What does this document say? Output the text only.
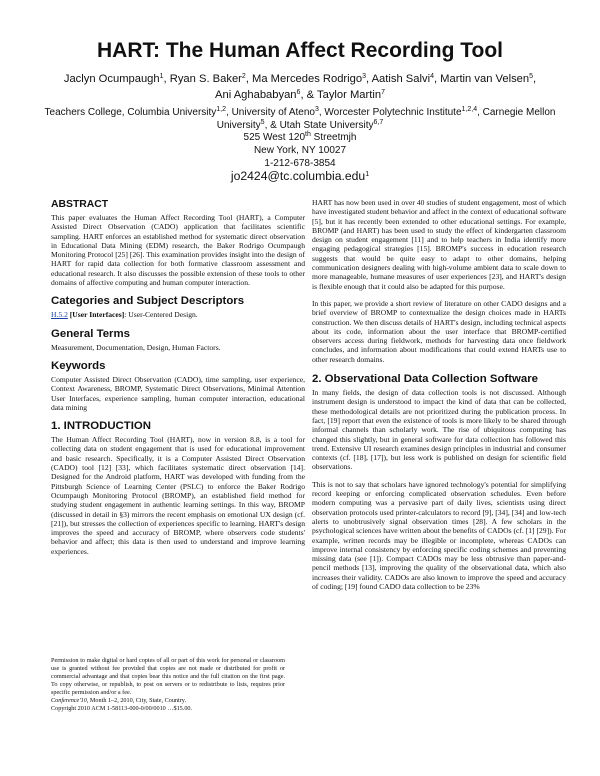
HART: The Human Affect Recording Tool
Jaclyn Ocumpaugh$^1$, Ryan S. Baker$^2$, Ma Mercedes Rodrigo$^3$, Aatish Salvi$^4$, Martin van Velsen$^5$,
Ani Aghababyan$^6$, & Taylor Martin$^7$
Teachers College, Columbia University$^{1,2}$, University of Ateno$^3$, Worcester Polytechnic Institute$^{1,2,4}$, Carnegie Mellon
University$^5$, & Utah State University$^{6,7}$
525 West 120th Streetmjh
New York, NY 10027
1-212-678-3854
jo2424@tc.columbia.edu$^1$
ABSTRACT
This paper evaluates the Human Affect Recording Tool (HART), a Computer Assisted Direct Observation (CADO) application that facilitates scientific sampling. HART enforces an established method for systematic direct observation in Educational Data Mining (EDM) research, the Baker Rodrigo Ocumpaugh Monitoring Protocol [25] [26]. This examination provides insight into the design of HART for rapid data collection for both formative classroom assessment and educational research. It also discusses the possible extension of these tools to other domains of affective computing and human computer interaction.
Categories and Subject Descriptors
H.5.2 [User Interfaces]: User-Centered Design.
General Terms
Measurement, Documentation, Design, Human Factors.
Keywords
Computer Assisted Direct Observation (CADO), time sampling, user experience, Context Awareness, BROMP, Systematic Direct Observations, Minimal Attention User Interfaces, experience sampling, human computer interaction, educational data mining
1. INTRODUCTION
The Human Affect Recording Tool (HART), now in version 8.8, is a tool for collecting data on student engagement that is used for educational improvement and basic research. Specifically, it is a Computer Assisted Direct Observation (CADO) tool [12] [33], which facilitates systematic direct observation [14]. Designed for the Android platform, HART was developed with funding from the Pittsburgh Science of Learning Center (PSLC) to enforce the Baker Rodrigo Ocumpaugh Monitoring Protocol (BROMP), an established field method for studying student engagement in authentic learning settings. In this way, BROMP (discussed in detail in §3) mirrors the recent emphasis on emotional UX design (cf. [21]), but stresses the collection of experiences specific to learning. HART's design improves the speed and accuracy of BROMP, where observers code students' behavior and affect; this data is then used to understand and improve learning experiences.
Permission to make digital or hard copies of all or part of this work for personal or classroom use is granted without fee provided that copies are not made or distributed for profit or commercial advantage and that copies bear this notice and the full citation on the first page. To copy otherwise, or republish, to post on servers or to redistribute to lists, requires prior specific permission and/or a fee.
Conference'10, Month 1–2, 2010, City, State, Country.
Copyright 2010 ACM 1-58113-000-0/00/0010 …$15.00.
HART has now been used in over 40 studies of student engagement, most of which have investigated student behavior and affect in the context of educational software [5], but it has recently been extended to other educational settings. For example, BROMP (and HART) has been used to study the effect of kindergarten classroom design on student engagement [11] and to help teachers in India identify more engaging pedagogical strategies [15]. BROMP's success in education research suggests that would be quite easy to adapt to other domains, helping communication designers dealing with high-volume ambient data to scale down to more manageable, humane measures of user experiences [23], and HART's design is flexible enough that it could also be adapted for this purpose.
In this paper, we provide a short review of literature on other CADO designs and a brief overview of BROMP to contextualize the design choices made in HARTs construction. We then discuss details of HART's design, including technical aspects about its code, information about the user interface that BROMP-certified observers access during fieldwork, methods for harvesting data once fieldwork concludes, and information about modifications that could extend HARTs use to other research domains.
2. Observational Data Collection Software
In many fields, the design of data collection tools is not discussed. Although instrument design is understood to impact the kind of data that can be collected, these methodological details are not prioritized during the publication process. In fact, [19] report that even the existence of tools is more likely to be shared through informal channels than scholarly work. The rise of ubiquitous computing has changed this slightly, but in general software for data collection has followed this trend. Extensive UI research examines design principles in industrial and consumer contexts (cf. [18], [17]), but less work is published on design for scientific field observations.
This is not to say that scholars have ignored technology's potential for simplifying record keeping or enforcing complicated observation schedules. Even before modern computing was a pervasive part of daily lives, scientists using direct observation protocols used printer-calculators to record [9], [34], [34] and low-tech alerts to unobtrusively signal observation times [28]. A few scholars in the psychological sciences have written about the benefits of CADOs (cf. [1] [29]). For example, written records may be illegible or incomplete, whereas CADOs can improve internal consistency by enforcing specific coding schemes and preventing missing data (see [1]). Compact CADOs may be less obtrusive than paper-and-pencil methods [13], improving the quality of the observational data, which also increases their validity. CADOs are also known to improve the speed and accuracy of coding; [19] found CADO data collection to be 23%
